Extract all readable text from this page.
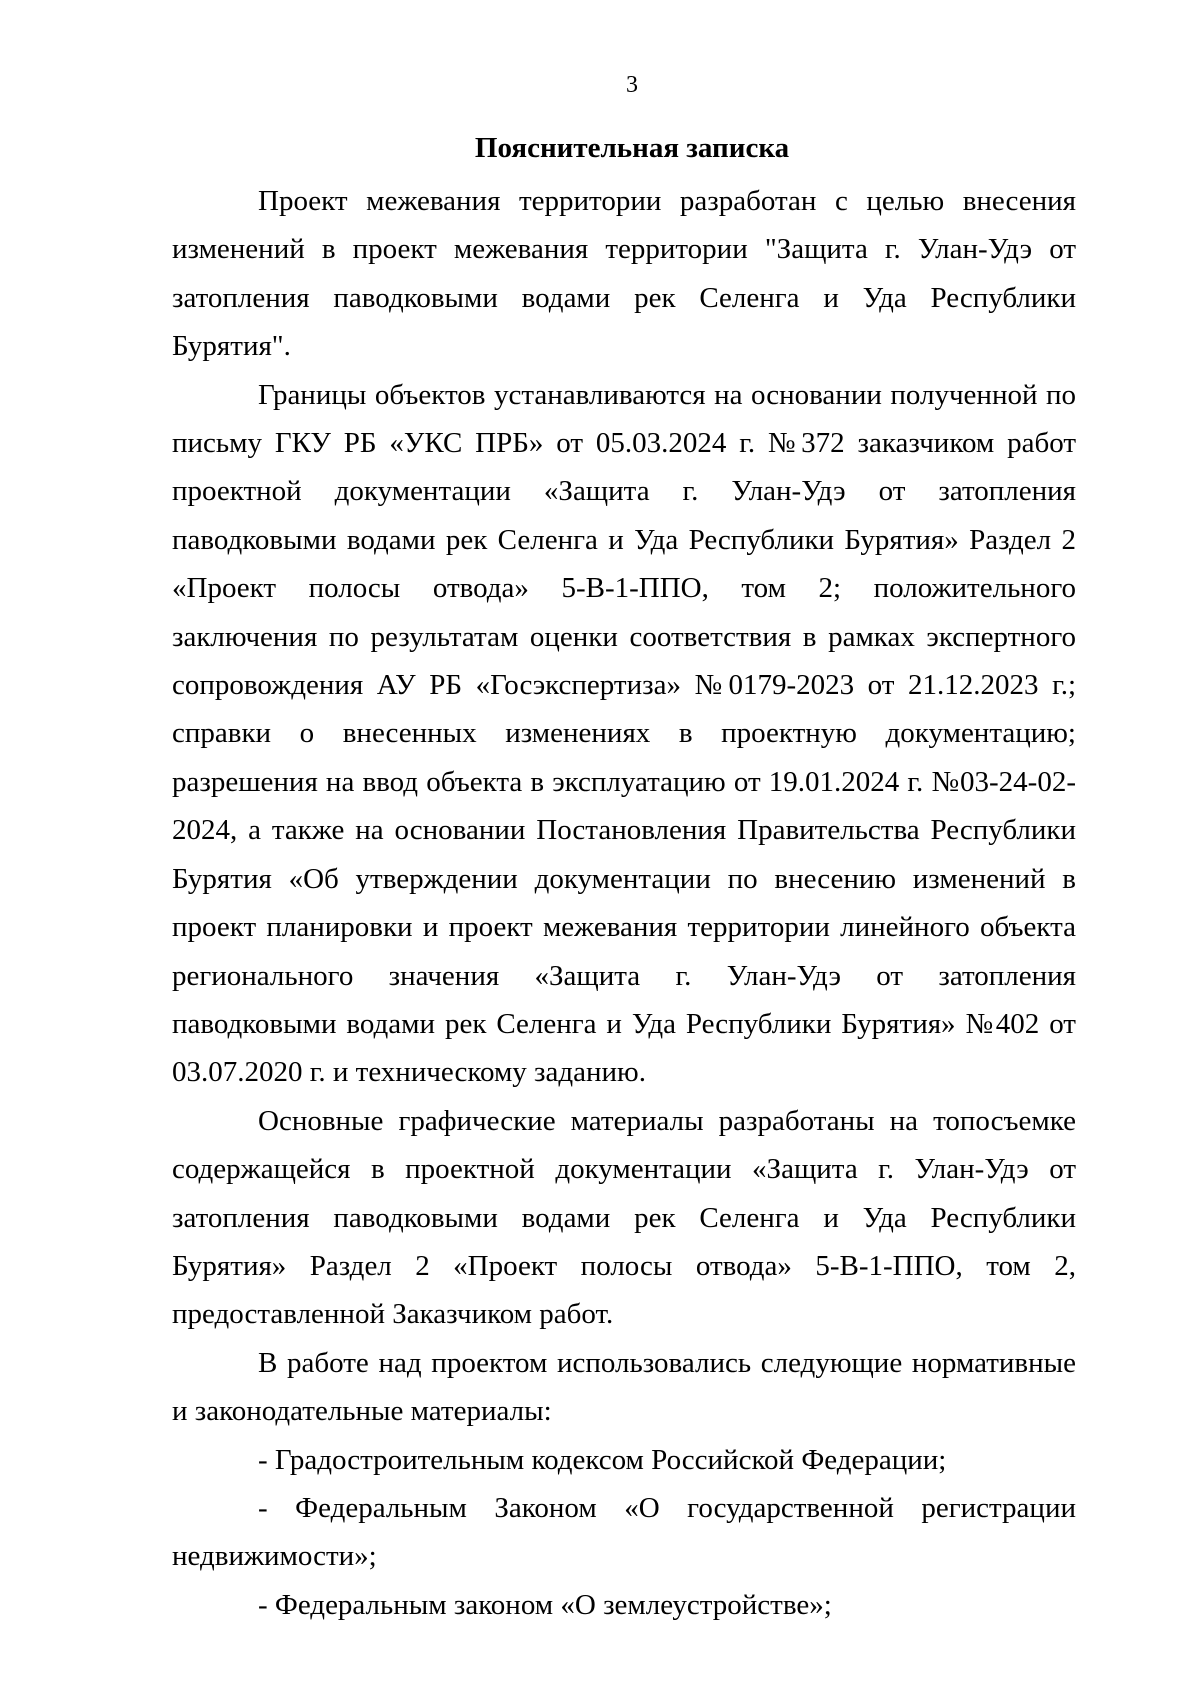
3
Пояснительная записка

Проект межевания территории разработан с целью внесения изменений в проект межевания территории "Защита г. Улан-Удэ от затопления паводковыми водами рек Селенга и Уда Республики Бурятия".

Границы объектов устанавливаются на основании полученной по письму ГКУ РБ «УКС ПРБ» от 05.03.2024 г. №372 заказчиком работ проектной документации «Защита г. Улан-Удэ от затопления паводковыми водами рек Селенга и Уда Республики Бурятия» Раздел 2 «Проект полосы отвода» 5-В-1-ППО, том 2; положительного заключения по результатам оценки соответствия в рамках экспертного сопровождения АУ РБ «Госэкспертиза» №0179-2023 от 21.12.2023 г.; справки о внесенных изменениях в проектную документацию; разрешения на ввод объекта в эксплуатацию от 19.01.2024 г. №03-24-02-2024, а также на основании Постановления Правительства Республики Бурятия «Об утверждении документации по внесению изменений в проект планировки и проект межевания территории линейного объекта регионального значения «Защита г. Улан-Удэ от затопления паводковыми водами рек Селенга и Уда Республики Бурятия» №402 от 03.07.2020 г. и техническому заданию.

Основные графические материалы разработаны на топосъемке содержащейся в проектной документации «Защита г. Улан-Удэ от затопления паводковыми водами рек Селенга и Уда Республики Бурятия» Раздел 2 «Проект полосы отвода» 5-В-1-ППО, том 2, предоставленной Заказчиком работ.

В работе над проектом использовались следующие нормативные и законодательные материалы:

- Градостроительным кодексом Российской Федерации;

- Федеральным Законом «О государственной регистрации недвижимости»;

- Федеральным законом «О землеустройстве»;
